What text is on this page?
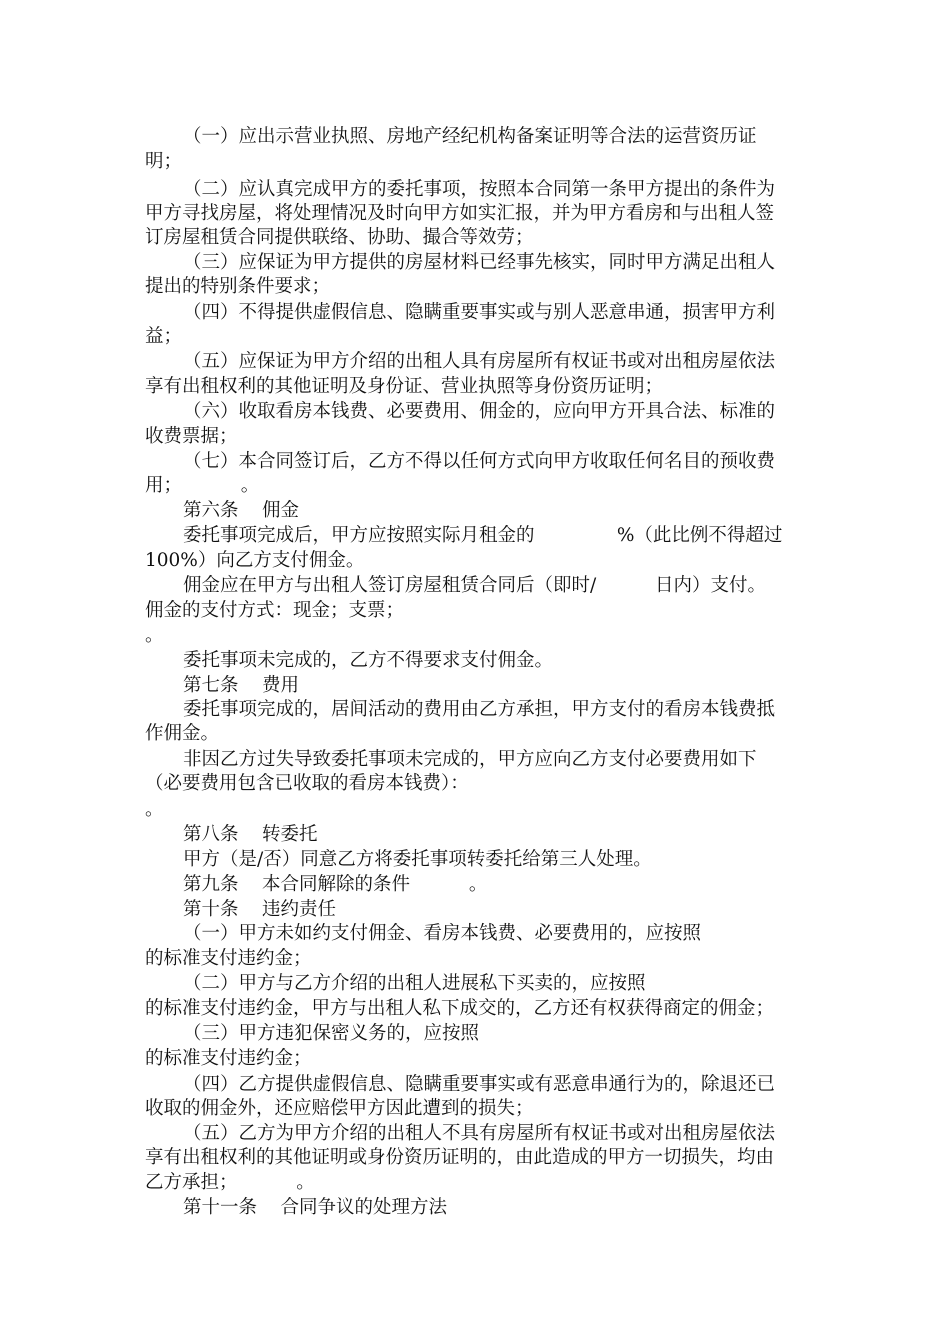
（一）应出示营业执照、房地产经纪机构备案证明等合法的运营资历证
明；
（二）应认真完成甲方的委托事项，按照本合同第一条甲方提出的条件为
甲方寻找房屋，将处理情况及时向甲方如实汇报，并为甲方看房和与出租人签
订房屋租赁合同提供联络、协助、撮合等效劳；
（三）应保证为甲方提供的房屋材料已经事先核实，同时甲方满足出租人
提出的特别条件要求；
（四）不得提供虚假信息、隐瞒重要事实或与别人恶意串通，损害甲方利
益；
（五）应保证为甲方介绍的出租人具有房屋所有权证书或对出租房屋依法
享有出租权利的其他证明及身份证、营业执照等身份资历证明；
（六）收取看房本钱费、必要费用、佣金的，应向甲方开具合法、标准的
收费票据；
（七）本合同签订后，乙方不得以任何方式向甲方收取任何名目的预收费
用；          。
第六条    佣金
委托事项完成后，甲方应按照实际月租金的              %（此比例不得超过
100%）向乙方支付佣金。
佣金应在甲方与出租人签订房屋租赁合同后（即时/          日内）支付。
佣金的支付方式：现金；支票；
。
委托事项未完成的，乙方不得要求支付佣金。
第七条    费用
委托事项完成的，居间活动的费用由乙方承担，甲方支付的看房本钱费抵
作佣金。
非因乙方过失导致委托事项未完成的，甲方应向乙方支付必要费用如下
（必要费用包含已收取的看房本钱费）：
。
第八条    转委托
甲方（是/否）同意乙方将委托事项转委托给第三人处理。
第九条    本合同解除的条件          。
第十条    违约责任
（一）甲方未如约支付佣金、看房本钱费、必要费用的，应按照
的标准支付违约金；
（二）甲方与乙方介绍的出租人进展私下买卖的，应按照
的标准支付违约金，甲方与出租人私下成交的，乙方还有权获得商定的佣金；
（三）甲方违犯保密义务的，应按照
的标准支付违约金；
（四）乙方提供虚假信息、隐瞒重要事实或有恶意串通行为的，除退还已
收取的佣金外，还应赔偿甲方因此遭到的损失；
（五）乙方为甲方介绍的出租人不具有房屋所有权证书或对出租房屋依法
享有出租权利的其他证明或身份资历证明的，由此造成的甲方一切损失，均由
乙方承担；          。
第十一条    合同争议的处理方法
